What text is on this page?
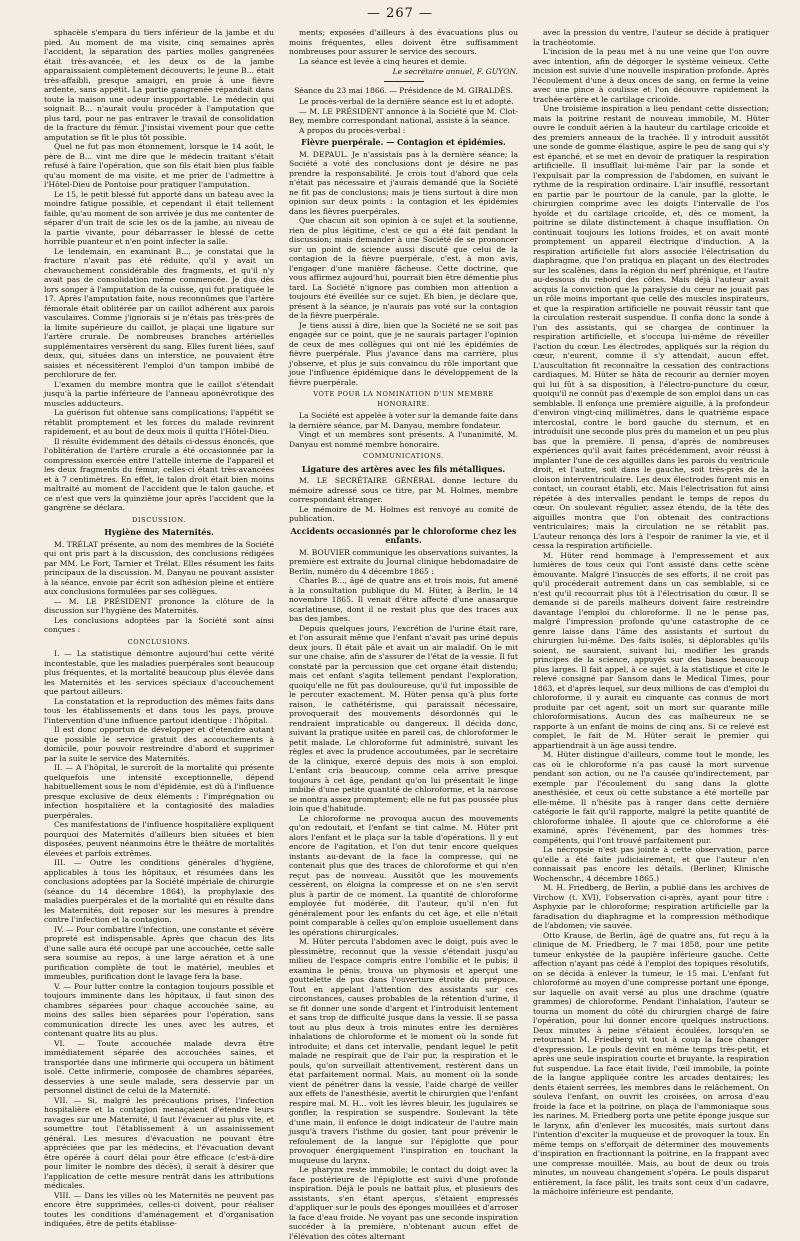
— 267 —

sphacèle s'empara du tiers inférieur de la jambe et du pied. Au moment de ma visite, cinq semaines après l'accident, la séparation des parties molles gangrenées était très-avancée, et les deux os de la jambe apparaissaient complètement découverts; le jeune B... était très-affaibli, presque amaigri, en proie à une fièvre ardente, sans appétit. La partie gangrenée répandait dans toute la maison une odeur insupportable. Le médecin qui soignait B... n'aurait voulu procéder à l'amputation que plus tard, pour ne pas entraver le travail de consolidation de la fracture du fémur. J'insistai vivement pour que cette amputation se fît le plus tôt possible.

Quel ne fut pas mon étonnement, lorsque le 14 août, le père de B... vint me dire que le médecin traitant s'était refusé à faire l'opération, que son fils était bien plus faible qu'au moment de ma visite, et me prier de l'admettre à l'Hôtel-Dieu de Pontoise pour pratiquer l'amputation.

Le 15, le petit blessé fut apporté dans un bateau avec la moindre fatigue possible, et cependant il était tellement faible, qu'au moment de son arrivée je dus me contenter de séparer d'un trait de scie les os de la jambe, au niveau de la partie vivante, pour débarrasser le blessé de cette horrible puanteur et n'en point infecter la salle.

Le lendemain, en examinant B..., je constatai que la fracture n'avait pas été réduite, qu'il y avait un chevauchement considérable des fragments, et qu'il n'y avait pas de consolidation même commencée. Je dus dès lors songer à l'amputation de la cuisse, qui fut pratiquée le 17. Après l'amputation faite, nous reconnûmes que l'artère fémorale était oblitérée par un caillot adhérent aux parois vasculaires. Comme j'ignorais si je n'étais pas très-près de la limite supérieure du caillot, je plaçai une ligature sur l'artère crurale. De nombreuses branches artérielles supplémentaires versèrent du sang. Elles furent liées, sauf deux, qui, situées dans un interstice, ne pouvaient être saisies et nécessitèrent l'emploi d'un tampon imbibé de perchlorure de fer.

L'examen du membre montra que le caillot s'étendait jusqu'à la partie inférieure de l'anneau aponévrotique des muscles adducteurs.

La guérison fut obtenue sans complications; l'appétit se rétablit promptement et les forces du malade revinrent rapidement, et au bout de deux mois il quitta l'Hôtel-Dieu.

Il résulte évidemment des détails ci-dessus énoncés, que l'oblitération de l'artère crurale a été occasionnée par la compression exercée entre l'attelle interne de l'appareil et les deux fragments du fémur, celles-ci étant très-avancées et à 7 centimètres. En effet, le talon droit était bien moins maltraité au moment de l'accident que le talon gauche, et ce n'est que vers la quinzième jour après l'accident que la gangrène se déclara.

DISCUSSION.
Hygiène des Maternités.

M. TRÉLAT présente, au nom des membres de la Société qui ont pris part à la discussion, des conclusions rédigées par MM. Le Fort, Tarnier et Trélat. Elles résument les faits principaux de la discussion. M. Danyau ne pouvant assister à la séance, envoie par écrit son adhésion pleine et entière aux conclusions formulées par ses collègues.

— M. LE PRÉSIDENT prononce la clôture de la discussion sur l'hygiène des Maternités.

Les conclusions adoptées par la Société sont ainsi conçues :

CONCLUSIONS.

I. — La statistique démontre aujourd'hui cette vérité incontestable, que les maladies puerpérales sont beaucoup plus fréquentes, et la mortalité beaucoup plus élevée dans les Maternités et les services spéciaux d'accouchement que partout ailleurs.

La constatation et la reproduction des mêmes faits dans tous les établissements et dans tous les pays, prouve l'intervention d'une influence partout identique : l'hôpital.

Il est donc opportun de développer et d'étendre autant que possible le service gratuit des accouchements à domicile, pour pouvoir restreindre d'abord et supprimer par la suite le service des Maternités.

II. — A l'hôpital, le surcroît de la mortalité qui présente quelquefois une intensité exceptionnelle, dépend habituellement sous le nom d'épidémie, est dû à l'influence presque exclusive de deux éléments : l'imprégnation ou infection hospitalière et la contagiosité des maladies puerpérales.

Ces manifestations de l'influence hospitalière expliquent pourquoi des Maternités d'ailleurs bien situées et bien disposées, peuvent néanmoins être le théâtre de mortalités élevées et parfois extrêmes.

III. — Outre les conditions générales d'hygiène, applicables à tous les hôpitaux, et résumées dans les conclusions adoptées par la Société impériale de chirurgie (séance du 14 décembre 1864), la prophylaxie des maladies puerpérales et de la mortalité qui en résulte dans les Maternités, doit reposer sur les mesures à prendre contre l'infection et la contagion.

IV. — Pour combattre l'infection, une constante et sévère propreté est indispensable. Après que chacun des lits d'une salle aura été occupé par une accouchée, cette salle sera soumise au repos, à une large aération et à une purification complète de tout le matériel, meubles et immeubles, purification dont le lavage fera la base.

V. — Pour lutter contre la contagion toujours possible et toujours imminente dans les hôpitaux, il faut sinon des chambres séparées pour chaque accouchée saine, au moins des salles bien séparées pour l'opération, sans communication directe les unes avec les autres, et contenant quatre lits au plus.

VI. — Toute accouchée malade devra être immédiatement séparée des accouchées saines, et transportée dans une infirmerie qui occupera un bâtiment isolé. Cette infirmerie, composée de chambres séparées, desservies à une seule malade, sera desservie par un personnel distinct de celui de la Maternité.

VII. — Si, malgré les précautions prises, l'infection hospitalière et la contagion menaçaient d'étendre leurs ravages sur une Maternité, il faut l'évacuer au plus vite, et soumettre tout l'établissement à un assainissement général. Les mesures d'évacuation ne pouvant être appréciées que par les médecins, et l'évacuation devant être opérée à court délai pour être efficace (c'est-à-dire pour limiter le nombre des décès), il serait à désirer que l'application de cette mesure rentrât dans les attributions médicales.

VIII. — Dans les villes où les Maternités ne peuvent pas encore être supprimées, celles-ci doivent, pour réaliser toutes les conditions d'aménagement et d'organisation indiquées, être de petits établisse-

ments; exposées d'ailleurs à des évacuations plus ou moins fréquentes, elles doivent être suffisamment nombreuses pour assurer le service des secours.

La séance est levée à cinq heures et demie.

Le secrétaire annuel, F. GUYON.

Séance du 23 mai 1866. — Présidence de M. GIRALDÈS.

Le procès-verbal de la dernière séance est lu et adopté.

— M. LE PRÉSIDENT annonce à la Société que M. Clot-Bey, membre correspondant national, assiste à la séance.

A propos du procès-verbal :

Fièvre puerpérale. — Contagion et épidémies.

M. DEPAUL. Je n'assistais pas à la dernière séance; la Société a voté des conclusions dont je désire ne pas prendre la responsabilité. Je crois tout d'abord que cela n'était pas nécessaire et j'aurais demandé que la Société ne fit pas de conclusions; mais je tiens surtout à dire mon opinion sur deux points : la contagion et les épidémies dans les fièvres puerpérales.

Que chacun ait son opinion à ce sujet et la soutienne, rien de plus légitime, c'est ce qui a été fait pendant la discussion; mais demander à une Société de se prononcer sur un point de science aussi discuté que celui de la contagion de la fièvre puerpérale, c'est, à mon avis, l'engager d'une manière fâcheuse. Cette doctrine, que vous affirmez aujourd'hui, pourrait bien être démentie plus tard. La Société n'ignore pas combien mon attention a toujours été éveillée sur ce sujet. Eh bien, je déclare que, présent à la séance, je n'aurais pas voté sur la contagion de la fièvre puerpérale.

Je tiens aussi à dire, bien que la Société ne se soit pas engagée sur ce point, que je ne saurais partager l'opinion de ceux de mes collègues qui ont nié les épidémies de fièvre puerpérale. Plus j'avance dans ma carrière, plus j'observe, et plus je suis convaincu du rôle important que joue l'influence épidémique dans le développement de la fièvre puerpérale.

VOTE POUR LA NOMINATION D'UN MEMBRE HONORAIRE.

La Société est appelée à voter sur la demande faite dans la dernière séance, par M. Danyau, membre fondateur.

Vingt et un membres sont présents. A l'unanimité, M. Danyau est nommé membre honoraire.

COMMUNICATIONS.
Ligature des artères avec les fils métalliques.

M. LE SECRÉTAIRE GÉNÉRAL donne lecture du mémoire adressé sous ce titre, par M. Holmes, membre correspondant étranger.

Le mémoire de M. Holmes est renvoyé au comité de publication.

Accidents occasionnés par le chloroforme chez les enfants.

M. BOUVIER communique les observations suivantes, la première est extraite du Journal clinique hebdomadaire de Berlin, numéro du 4 décembre 1865 :

Charles B..., âgé de quatre ans et trois mois, fut amené à la consultation publique du M. Hüter, à Berlin, le 14 novembre 1865. Il venait d'être affecté d'une anasarque scarlatineuse, dont il ne restait plus que des traces aux bas des jambes.

Depuis quelques jours, l'excrétion de l'urine était rare, et l'on assurait même que l'enfant n'avait pas uriné depuis deux jours. Il était pâle et avait un air maladif. On le mit sur une chaise, afin de s'assurer de l'état de la vessie. Il fut constaté par la percussion que cet organe était distendu; mais cet enfant s'agita tellement pendant l'exploration, quoiqu'elle ne fût pas douloureuse, qu'il fut impossible de le percuter exactement. M. Hüter pensa qu'à plus forte raison, le cathétérisme, qui paraissait nécessaire, provoquerait des mouvements désordonnés qui le rendraient impraticable ou dangereux. Il décida donc, suivant la pratique usitée en pareil cas, de chloroformer le petit malade. Le chloroforme fut administré, suivant les règles et avec la prudence accoutumées, par le secrétaire de la clinique, exercé depuis des mois à son emploi. L'enfant cria beaucoup, comme cela arrive presque toujours à cet âge, pendant qu'on lui présentait le linge imbibé d'une petite quantité de chloroforme, et la narcose se montra assez promptement; elle ne fut pas poussée plus loin que d'habitude.

Le chloroforme ne provoqua aucun des mouvements qu'on redoutait, et l'enfant se tint calme. M. Hüter prit alors l'enfant et le plaça sur la table d'opérations. Il y eut encore de l'agitation, et l'on dut tenir encore quelques instants au-devant de la face la compresse, qui ne contenait plus que des traces de chloroforme et qui n'en reçut pas de nouveau. Aussitôt que les mouvements cessèrent, on éloigna la compresse et on ne s'en servit plus à partir de ce moment. La quantité de chloroforme employée fut modérée, dit l'auteur, qu'il n'en fut généralement pour les enfants du cet âge, et elle n'était point comparable à celles qu'on emploie usuellement dans les opérations chirurgicales.

M. Hüter percuta l'abdomen avec le doigt, puis avec le plessimètre, reconnut que la vessie s'étendait jusqu'au milieu de l'espace compris entre l'ombilic et le pubis; il examina le pénis, trouva un phymosis et aperçut une gouttelette de pus dans l'ouverture étroite du prépuce. Tout en appelant l'attention des assistants sur ces circonstances, causes probables de la rétention d'urine, il se fit donner une sonde d'argent et l'introduisit lentement et sans trop de difficulté jusque dans la vessie. Il se passa tout au plus deux à trois minutes entre les dernières inhalations de chloroforme et le moment où la sonde fut introduite; et dans cet intervalle, pendant lequel le petit malade ne respirait que de l'air pur, la respiration et le pouls, qu'on surveillait attentivement, restèrent dans un état parfaitement normal. Mais, au moment où la sonde vient de pénétrer dans la vessie, l'aide chargé de veiller aux effets de l'anesthésie, avertit le chirurgien que l'enfant respire mal. M. H... voit les lèvres bleuir, les jugulaires se gonfler, la respiration se suspendre. Soulevant la tête d'une main, il enfonce le doigt indicateur de l'autre main jusqu'à travers l'isthme du gosier, tant pour prévenir le refoulement de la langue sur l'épiglotte que pour provoquer énergiquement l'inspiration en touchant la muqueuse du larynx.

Le pharynx reste immobile; le contact du doigt avec la face postérieure de l'épiglotte est suivi d'une profonde inspiration. Déjà le pouls ne battait plus, et plusieurs des assistants, s'en étant aperçus, s'étaient empressés d'appliquer sur le pouls des éponges mouillées et d'arroser la face d'eau froide. Ne voyant pas une seconde inspiration succéder à la première, n'obtenant aucun effet de l'élévation des côtes alternant

avec la pression du ventre, l'auteur se décide à pratiquer la trachéotomie.

L'incision de la peau met à nu une veine que l'on ouvre avec intention, afin de dégorger le système veineux. Cette incision est suivie d'une nouvelle inspiration profonde. Après l'écoulement d'une à deux onces de sang, on ferme la veine avec une pince à coulisse et l'on découvre rapidement la trachée-artère et le cartilage cricoïde.

Une troisième inspiration a lieu pendant cette dissection; mais la poitrine restant de nouveau immobile, M. Hüter ouvre le conduit aérien à la hauteur du cartilage cricoïde et des premiers anneaux de la trachée. Il y introduit aussitôt une sonde de gomme élastique, aspire le peu de sang qui s'y est épanché, et se met en devoir de pratiquer la respiration artificielle. Il insufflait lui-même l'air par la sonde et l'expulsait par la compression de l'abdomen, en suivant le rythme de la respiration ordinaire. L'air insufflé, ressortant en partie par le pourtour de la canule, par la glotte, le chirurgien comprime avec les doigts l'intervalle de l'os hyoïde et du cartilage cricoïde, et, dès ce moment, la poitrine se dilate distinctement à chaque insufflation. On continuait toujours les lotions froides, et on avait monté promptement un appareil électrique d'induction. A la respiration artificielle fut alors associée l'électrisation du diaphragme, que l'on pratiqua en plaçant un des électrodes sur les scalènes, dans la région du nerf phrénique, et l'autre au-dessous du rebord des côtes. Mais déjà l'auteur avait acquis la conviction que la paralysie du cœur ne jouait pas un rôle moins important que celle des muscles inspirateurs, et que la respiration artificielle ne pouvait réussir tant que la circulation resterait suspendue. Il confia donc la sonde à l'un des assistants, qui se chargea de continuer la respiration artificielle, et s'occupa lui-même de réveiller l'action du cœur. Les électrodes, appliqués sur la région du cœur, n'eurent, comme il s'y attendait, aucun effet. L'auscultation fit reconnaître la cessation des contractions cardiaques. M. Hüter se hâta de recourir au dernier moyen qui lui fût à sa disposition, à l'électro-puncture du cœur, quoiqu'il ne connût pas d'exemple de son emploi dans un cas semblable. Il enfonça une première aiguille, à la profondeur d'environ vingt-cinq millimètres, dans le quatrième espace intercostal, contre le bord gauche du sternum, et en introduisit une seconde plus près du mamelon et un peu plus bas que la première. Il pensa, d'après de nombreuses expériences qu'il avait faites précédemment, avoir réussi à implanter l'une de ces aiguilles dans les parois du ventricule droit, et l'autre, soit dans le gauche, soit très-près de la cloison interventriculaire. Les deux électrodes furent mis en contact, un courant établi, etc. Mais l'électrisation fut ainsi répétée à des intervalles pendant le temps de repos du cœur. On soulevant régulier, assez étendu, de la tête des aiguilles montra que l'on obtenait des contractions ventriculaires; mais la circulation ne se rétablit pas. L'auteur renonça dès lors à l'espoir de ranimer la vie, et il cessa la respiration artificielle.

M. Hüter rend hommage à l'empressement et aux lumières de tous ceux qui l'ont assisté dans cette scène émouvante. Malgré l'insuccès de ses efforts, il ne croit pas qu'il procéderait autrement dans un cas semblable, si ce n'est qu'il recourrait plus tôt à l'électrisation du cœur. Il se demande si de pareils malheurs doivent faire restreindre davantage l'emploi du chloroforme. Il ne le pense pas, malgré l'impression profonde qu'une catastrophe de ce genre laisse dans l'âme des assistants et surtout du chirurgien lui-même. Des faits isolés, si déplorables qu'ils soient, ne sauraient, suivant lui, modifier les grands principes de la science, appuyés sur des bases beaucoup plus larges. Il fait appel, à ce sujet, à la statistique et cite le relevé consigné par Sansom dans le Medical Times, pour 1863, et d'après lequel, sur deux millions de cas d'emploi du chloroforme, il y aurait eu cinquante cas connus de mort produite par cet agent, soit un mort sur quarante mille chloroformisations. Aucun des cas malheureux ne se rapporte à un enfant de moins de cinq ans. Si ce relevé est complet, le fait de M. Hüter serait le premier qui appartiendrait à un âge aussi tendre.

M. Hüter distingue d'ailleurs, comme tout le monde, les cas où le chloroforme n'a pas causé la mort survenue pendant son action, ou ne l'a causée qu'indirectement, par exemple par l'écoulement du sang dans la glotte anesthésiée, et ceux où cette substance a été mortelle par elle-même. Il n'hésite pas à ranger dans cette dernière catégorie le fait qu'il rapporte, malgré la petite quantité de chloroforme inhalée. Il ajoute que ce chloroforme a été examiné, après l'événement, par des hommes très-compétents, qui l'ont trouvé parfaitement pur.

La nécropsie n'est pas jointe à cette observation, parce qu'elle a été faite judiciairement, et que l'auteur n'en connaissait pas encore les détails. (Berliner, Klinische Wochenschr., 4 décembre 1865.)

M. H. Friedberg, de Berlin, a publié dans les archives de Virchow (t. XVI), l'observation ci-après, ayant pour titre : Asphyxie par le chloroforme; respiration artificielle par la faradisation du diaphragme et la compression méthodique de l'abdomen; vie sauvée.

Otto Krause, de Berlin, âgé de quatre ans, fut reçu à la clinique de M. Friedberg, le 7 mai 1858, pour une petite tumeur enkystée de la paupière inférieure gauche. Cette affection n'ayant pas cédé à l'emploi des topiques résolutifs, on se décida à enlever la tumeur, le 15 mai. L'enfant fut chloroformé au moyen d'une compresse portant une éponge, sur laquelle on avait versé au plus une drachme (quatre grammes) de chloroforme. Pendant l'inhalation, l'auteur se tourna un moment du côté du chirurgien chargé de faire l'opération, pour lui donner encore quelques instructions. Deux minutes à peine s'étaient écoulées, lorsqu'en se retournant M. Friedberg vit tout à coup la face changer d'expression. Le pouls devint en même temps très-petit, et après une seule inspiration courte et bruyante, la respiration fut suspendue. La face était livide, l'œil immobile, la pointe de la langue appliquée contre les arcades dentaires; les dents étaient serrées, les membres dans le relâchement. On souleva l'enfant, on ouvrit les croisées, on arrosa d'eau froide la face et la poitrine, on plaça de l'ammoniaque sous les narines. M. Friedberg porta une petite éponge jusque sur le larynx, afin d'enlever les mucosités, mais surtout dans l'intention d'exciter la muqueuse et de provoquer la toux. En même temps on s'efforçait de déterminer des mouvements d'inspiration en fractionnant la poitrine, en la frappant avec une compresse mouillée. Mais, au bout de deux ou trois minutes, un nouveau changement s'opéra. Le pouls disparut entièrement, la face pâlit, les traits sont ceux d'un cadavre, la mâchoire inférieure est pendante,
